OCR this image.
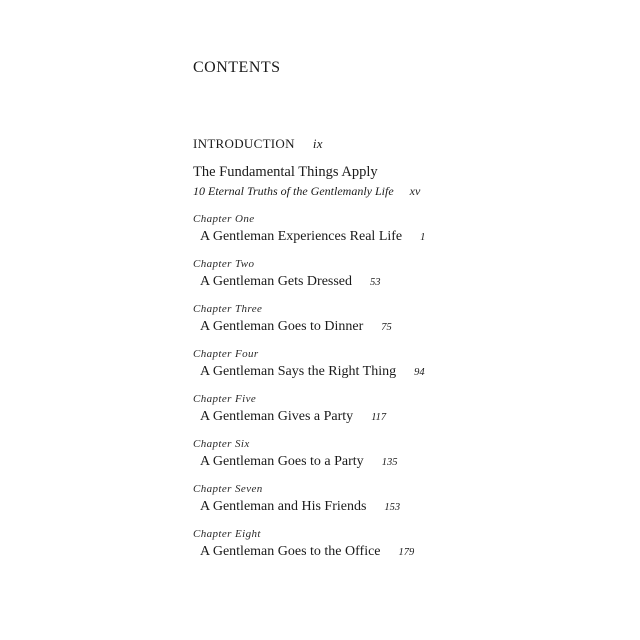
CONTENTS
INTRODUCTION ix
The Fundamental Things Apply
10 Eternal Truths of the Gentlemanly Life xv
Chapter One
A Gentleman Experiences Real Life 1
Chapter Two
A Gentleman Gets Dressed 53
Chapter Three
A Gentleman Goes to Dinner 75
Chapter Four
A Gentleman Says the Right Thing 94
Chapter Five
A Gentleman Gives a Party 117
Chapter Six
A Gentleman Goes to a Party 135
Chapter Seven
A Gentleman and His Friends 153
Chapter Eight
A Gentleman Goes to the Office 179
